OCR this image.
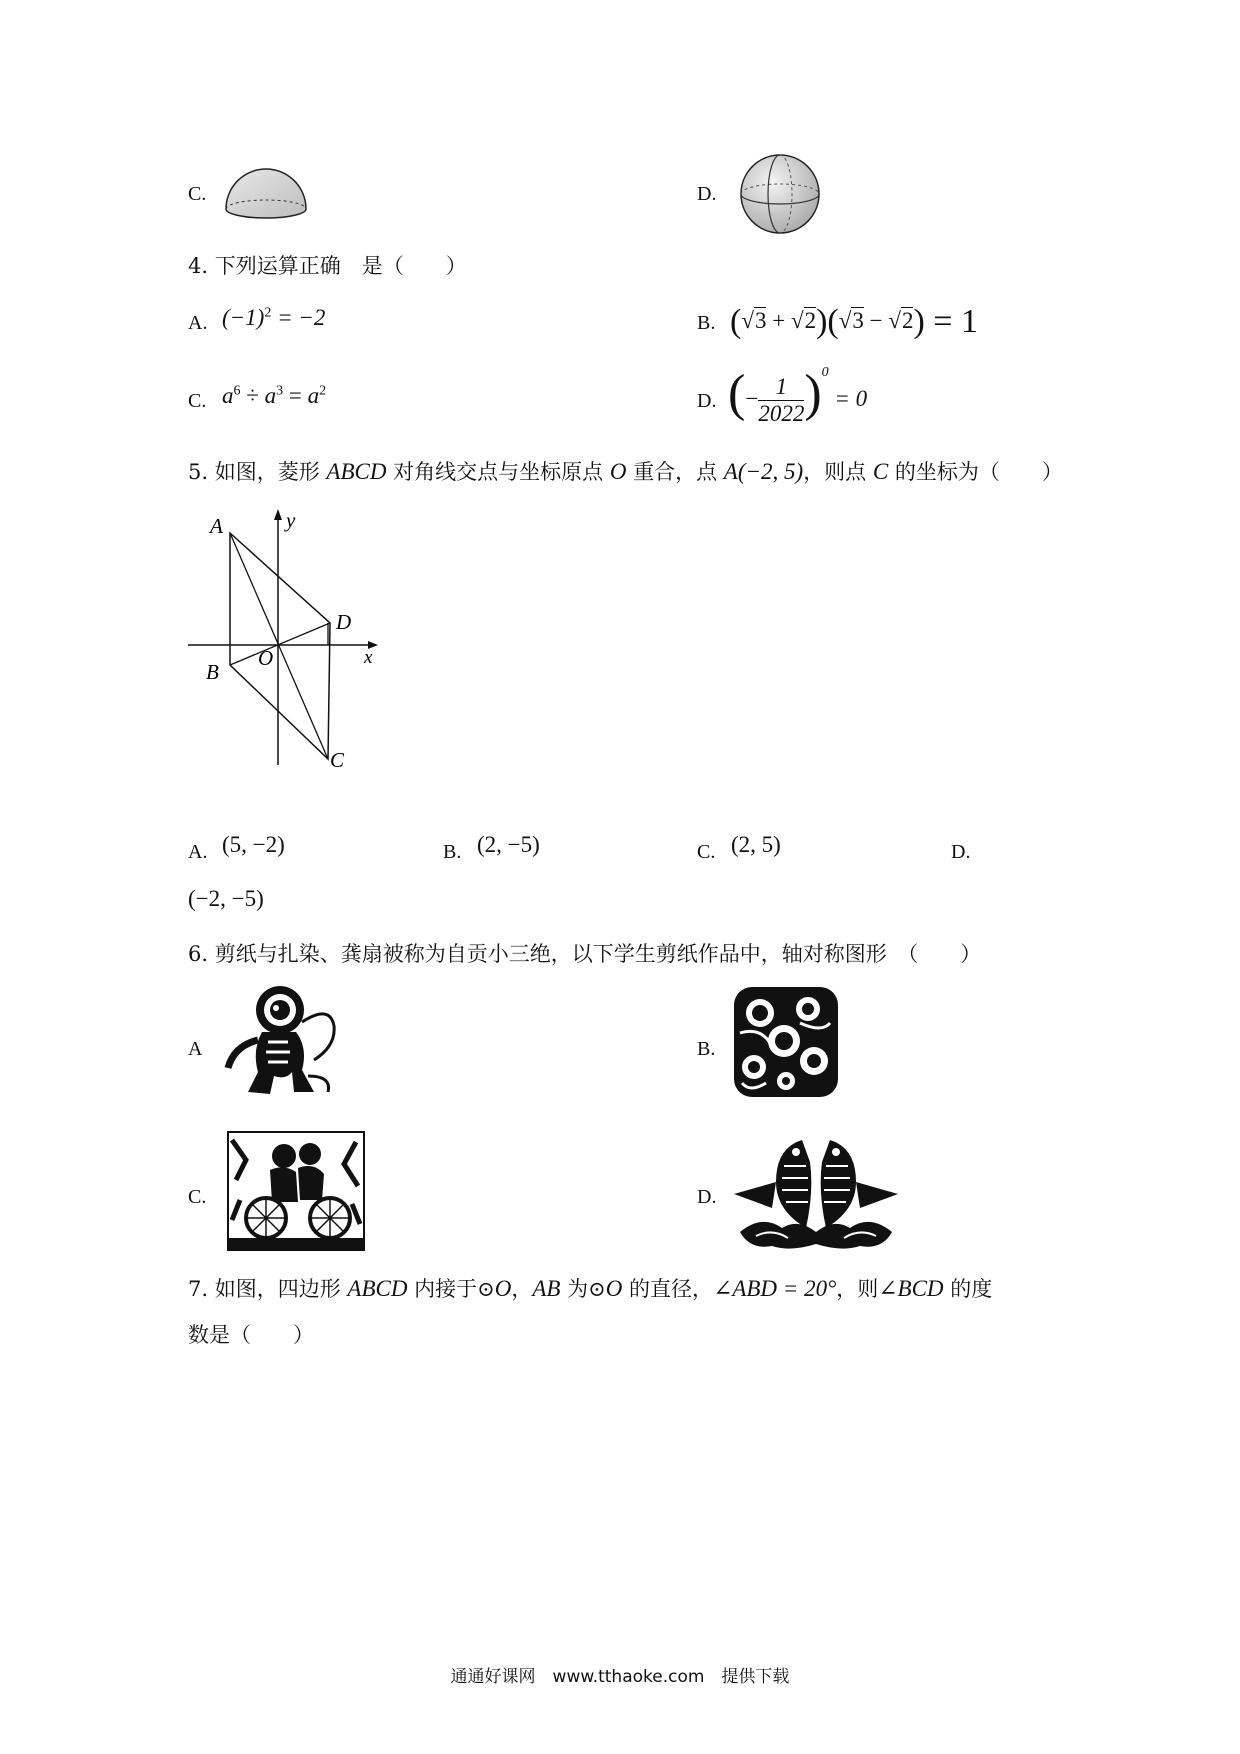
C.	D.
4. 下列运算正确　是（　　）
A. $(-1)^2 = -2$	B. (√3 + √2)(√3 − √2) = 1
C. $a^6 \div a^3 = a^2$	D. (− $\frac{1}{2022} )^0 = 0$
5. 如图，菱形 ABCD 对角线交点与坐标原点 O 重合，点 A(−2, 5)，则点 C 的坐标为（　　）
A
D
B
O	x
y
C
A. (5, −2)	B. (2, −5)	C. (2, 5)	D.
(−2, −5)
6. 剪纸与扎染、龚扇被称为自贡小三绝，以下学生剪纸作品中，轴对称图形　（　　）
A	B.
C.	D.
7. 如图，四边形 ABCD 内接于⊙O，AB 为⊙O 的直径，∠ABD = 20°，则∠BCD 的度
数是（　　）
通通好课网　www.tthaoke.com　提供下载
